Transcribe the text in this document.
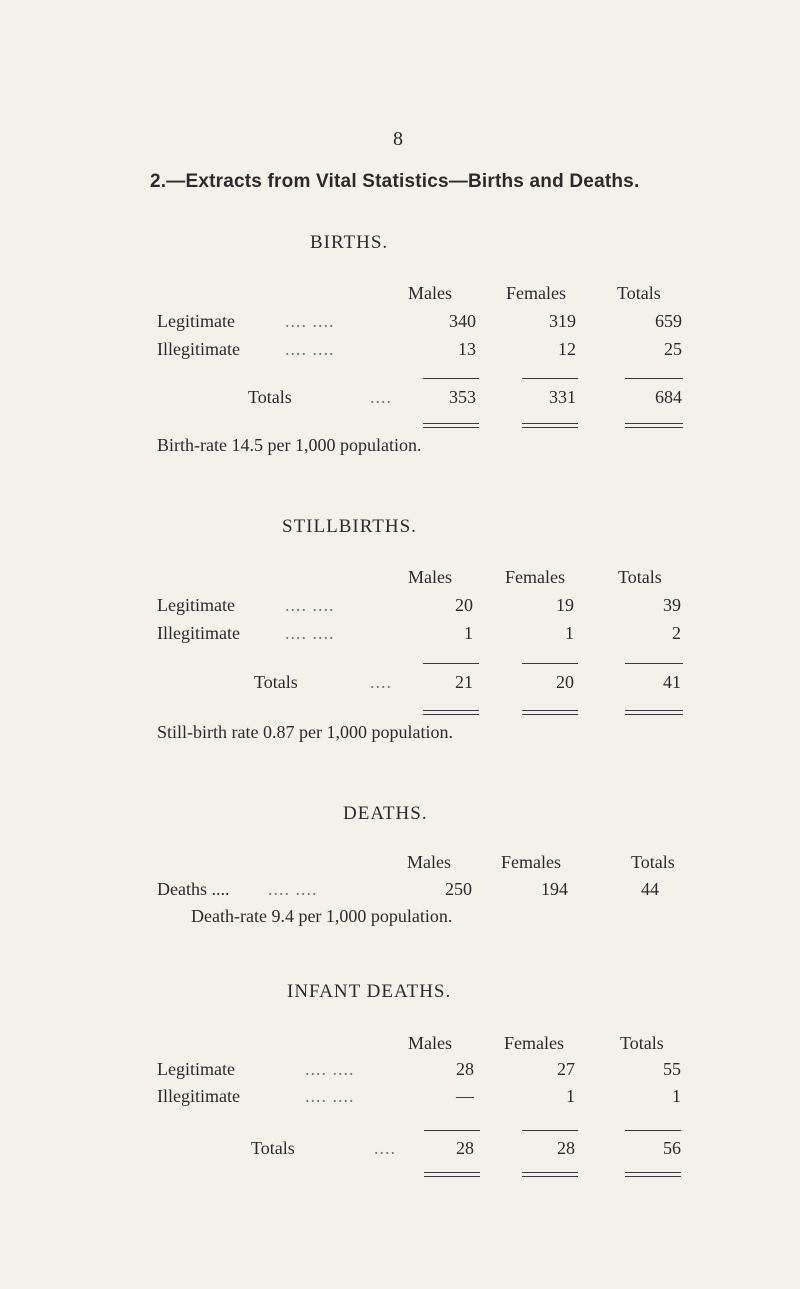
8
2.—Extracts from Vital Statistics—Births and Deaths.
BIRTHS.
Males	Females	Totals
Legitimate	.... ....	340	319	659
Illegitimate	.... ....	13	12	25
Totals	....	353	331	684
Birth-rate 14.5 per 1,000 population.
STILLBIRTHS.
Males	Females	Totals
Legitimate	.... ....	20	19	39
Illegitimate	.... ....	1	1	2
Totals	....	21	20	41
Still-birth rate 0.87 per 1,000 population.
DEATHS.
Males	Females	Totals
Deaths .... .... ....	250	194	44
Death-rate 9.4 per 1,000 population.
INFANT DEATHS.
Males	Females	Totals
Legitimate	.... ....	28	27	55
Illegitimate	.... ....	—	1	1
Totals	....	28	28	56
